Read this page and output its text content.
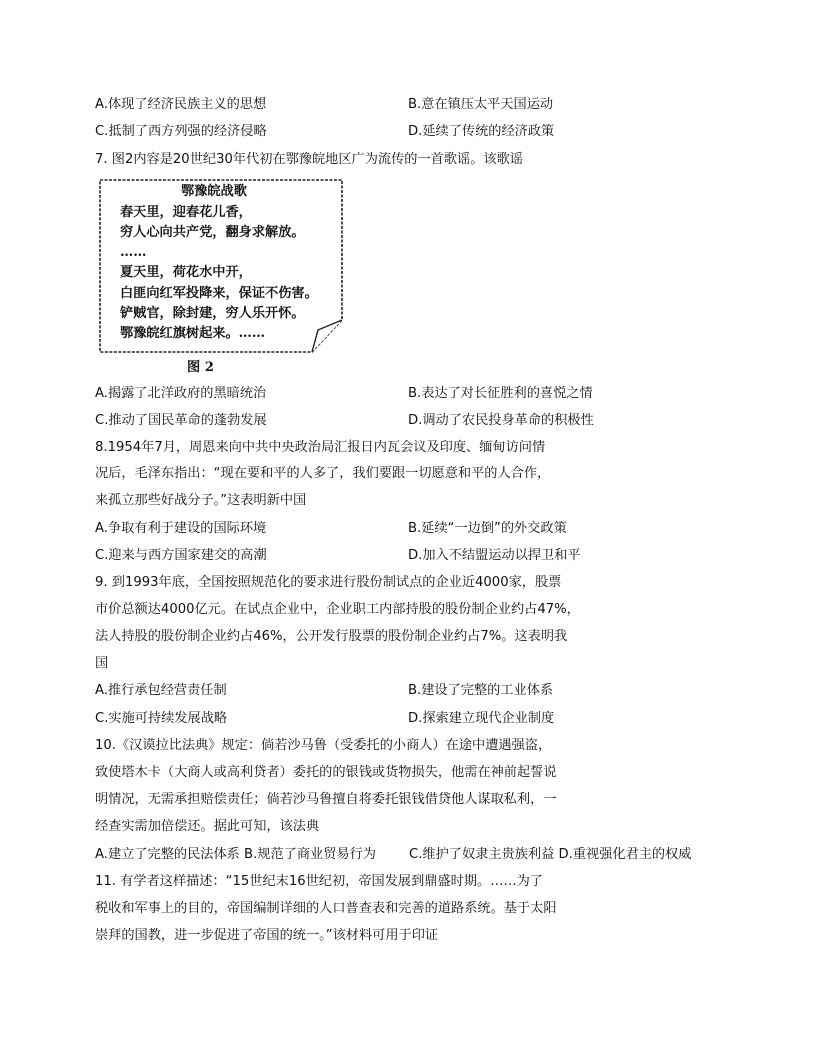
A.体现了经济民族主义的思想	B.意在镇压太平天国运动
C.抵制了西方列强的经济侵略	D.延续了传统的经济政策
7. 图2内容是20世纪30年代初在鄂豫皖地区广为流传的一首歌谣。该歌谣
鄂豫皖战歌
春天里，迎春花儿香，
穷人心向共产党，翻身求解放。
……
夏天里，荷花水中开，
白匪向红军投降来，保证不伤害。
铲贼官，除封建，穷人乐开怀。
鄂豫皖红旗树起来。……
图 2
A.揭露了北洋政府的黑暗统治	B.表达了对长征胜利的喜悦之情
C.推动了国民革命的蓬勃发展	D.调动了农民投身革命的积极性
8.1954年7月，周恩来向中共中央政治局汇报日内瓦会议及印度、缅甸访问情
况后，毛泽东指出：“现在要和平的人多了，我们要跟一切愿意和平的人合作，
来孤立那些好战分子。”这表明新中国
A.争取有利于建设的国际环境	B.延续“一边倒”的外交政策
C.迎来与西方国家建交的高潮	D.加入不结盟运动以捍卫和平
9. 到1993年底，全国按照规范化的要求进行股份制试点的企业近4000家，股票
市价总额达4000亿元。在试点企业中，企业职工内部持股的股份制企业约占47%，
法人持股的股份制企业约占46%，公开发行股票的股份制企业约占7%。这表明我
国
A.推行承包经营责任制	B.建设了完整的工业体系
C.实施可持续发展战略	D.探索建立现代企业制度
10.《汉谟拉比法典》规定：倘若沙马鲁（受委托的小商人）在途中遭遇强盗，
致使塔木卡（大商人或高利贷者）委托的的银钱或货物损失，他需在神前起誓说
明情况，无需承担赔偿责任；倘若沙马鲁擅自将委托银钱借贷他人谋取私利，一
经查实需加倍偿还。据此可知，该法典
A.建立了完整的民法体系 B.规范了商业贸易行为	C.维护了奴隶主贵族利益 D.重视强化君主的权威
11. 有学者这样描述：“15世纪末16世纪初，帝国发展到鼎盛时期。……为了
税收和军事上的目的，帝国编制详细的人口普查表和完善的道路系统。基于太阳
崇拜的国教，进一步促进了帝国的统一。”该材料可用于印证
